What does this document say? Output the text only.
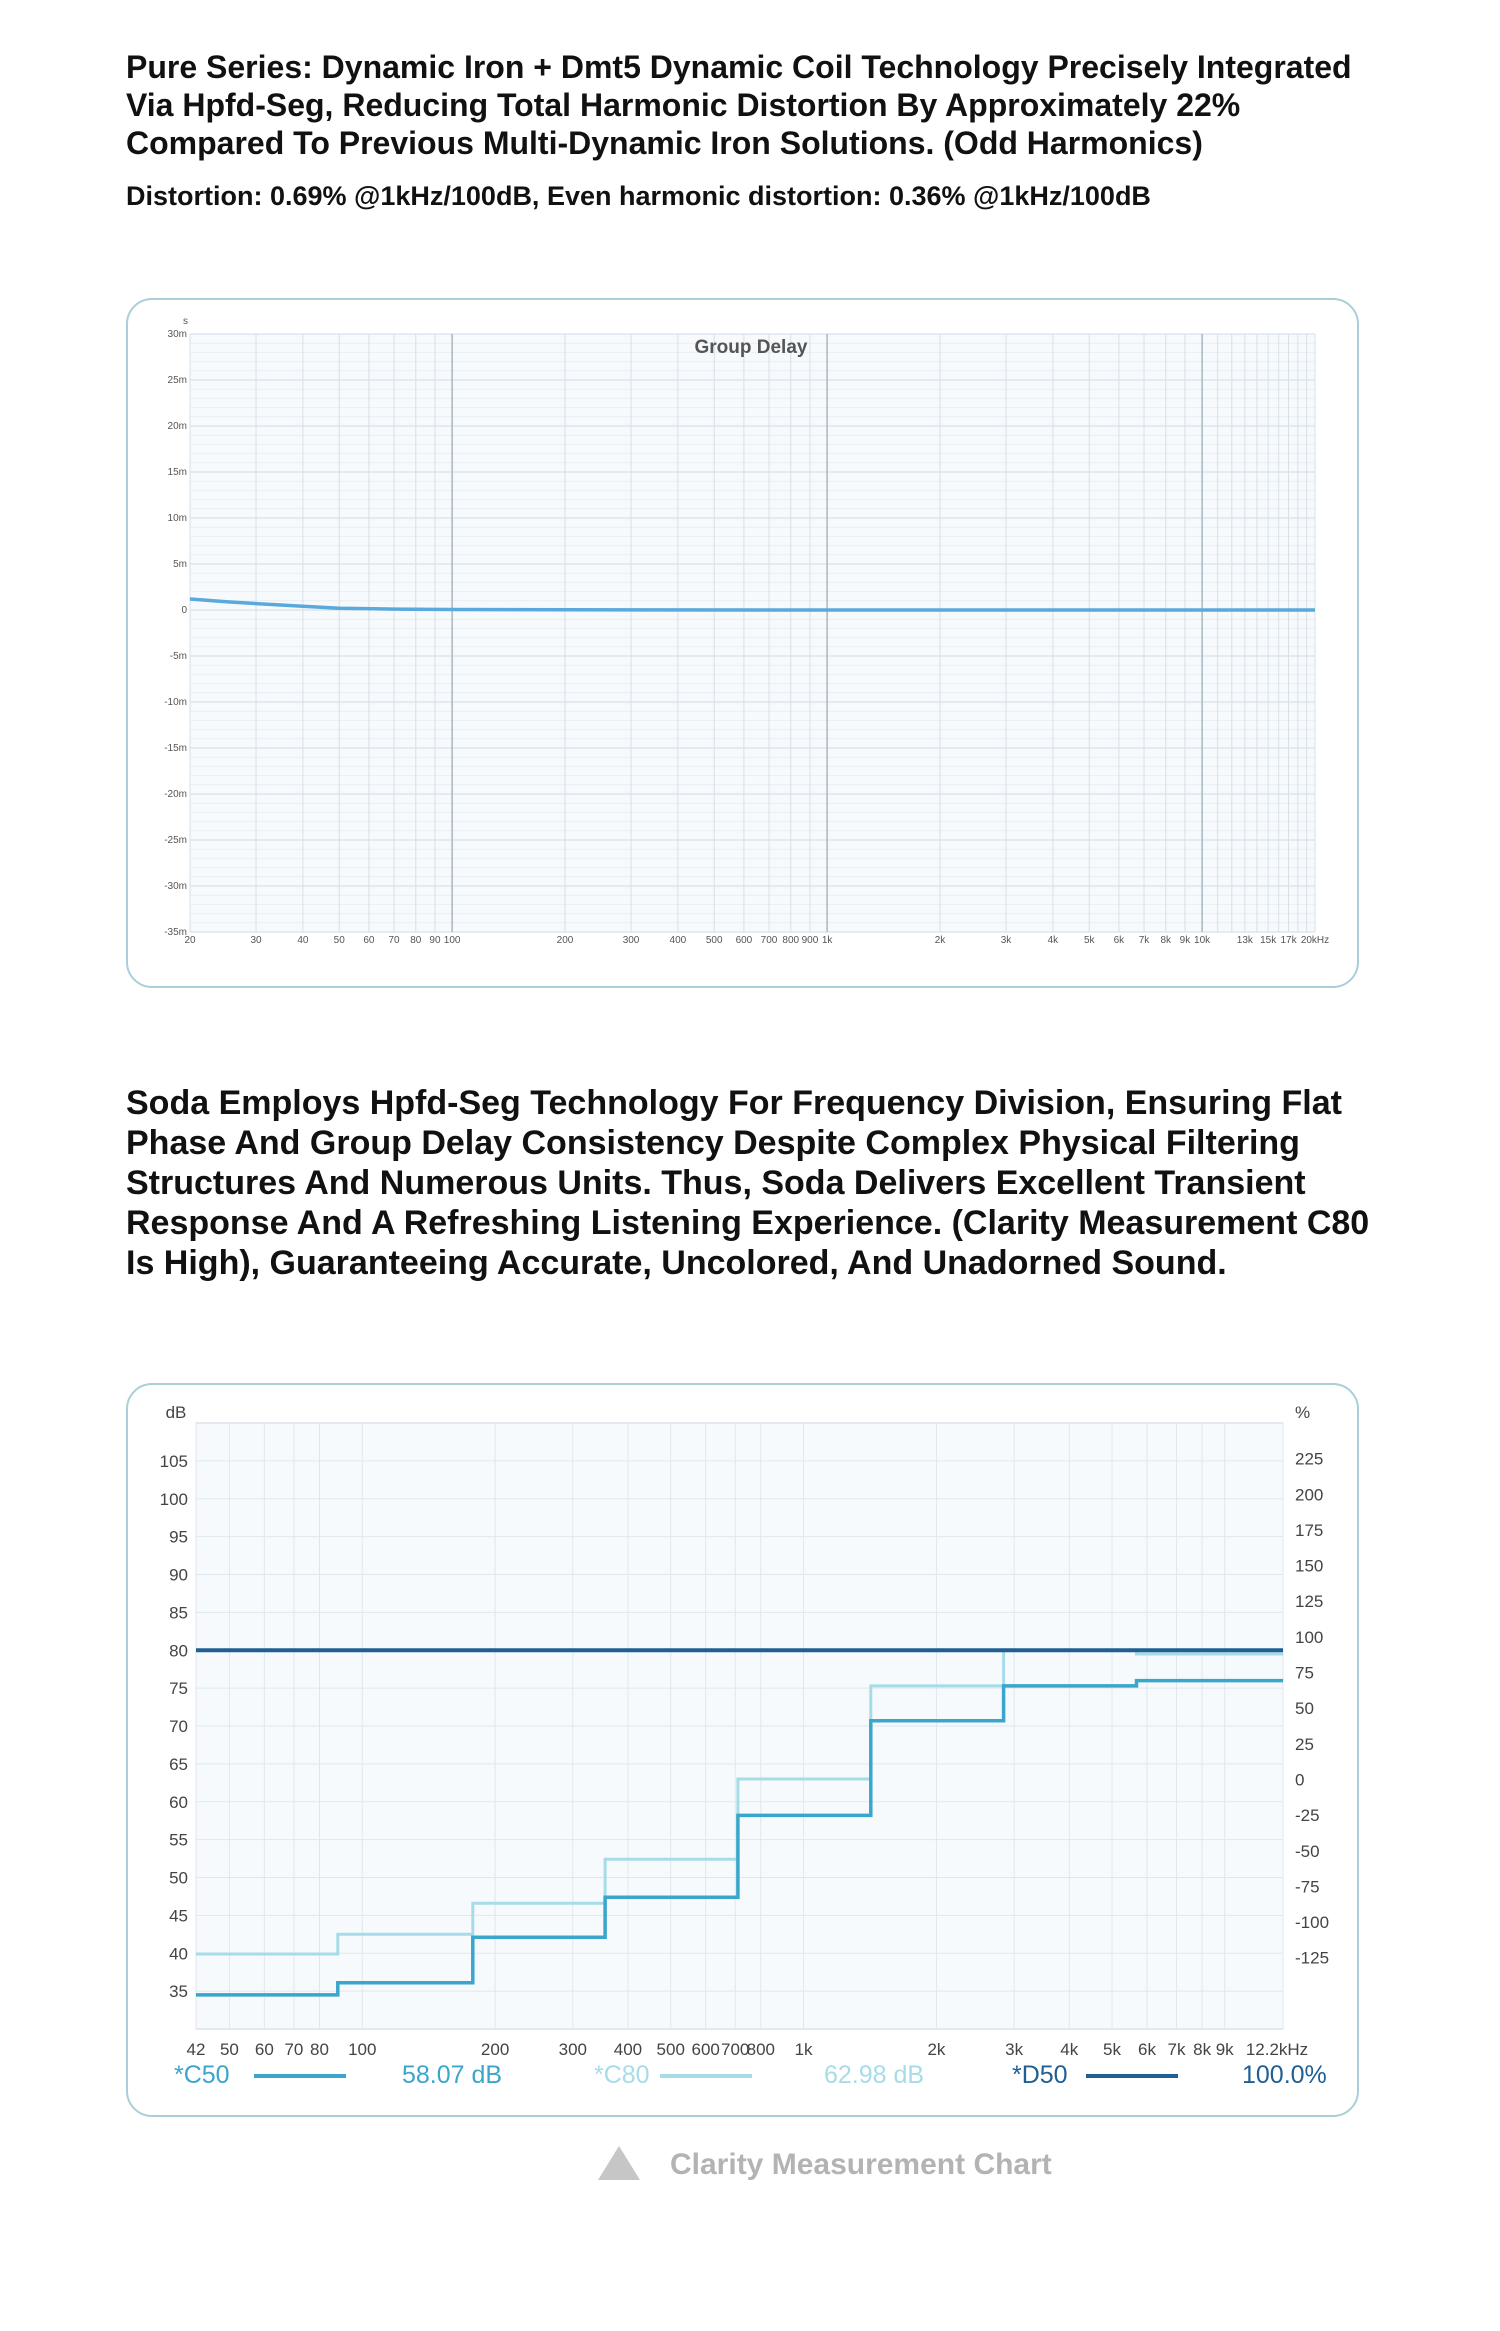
Pure Series: Dynamic Iron + Dmt5 Dynamic Coil Technology Precisely Integrated Via Hpfd-Seg, Reducing Total Harmonic Distortion By Approximately 22% Compared To Previous Multi-Dynamic Iron Solutions. (Odd Harmonics)

Distortion: 0.69% @1kHz/100dB, Even harmonic distortion: 0.36% @1kHz/100dB

s
30m
25m
20m
15m
10m
5m
0
-5m
-10m
-15m
-20m
-25m
-30m
-35m
20	30	40	50 60 70 80 90 100	200	300	400 500 600 700 800 900 1k	2k	3k	4k	5k 6k 7k 8k 9k 10k	13k 15k 17k 20kHz
Group Delay
Soda Employs Hpfd-Seg Technology For Frequency Division, Ensuring Flat Phase And Group Delay Consistency Despite Complex Physical Filtering Structures And Numerous Units. Thus, Soda Delivers Excellent Transient Response And A Refreshing Listening Experience. (Clarity Measurement C80 Is High), Guaranteeing Accurate, Uncolored, And Unadorned Sound.
dB	%
105
100
95
90
85
80
75
70
65
60
55
50
45
40
35
225
200
175
150
125
100
75
50
25
0
-25
-50
-75
-100
-125
42 50 60 70 80 100	200	300 400 500 600 700
800 1k	2k	3k 4k 5k 6k 7k 8k 9k 12.2kHz
*C50	58.07 dB	*C80	62.98 dB	*D50	100.0%
Clarity Measurement Chart
